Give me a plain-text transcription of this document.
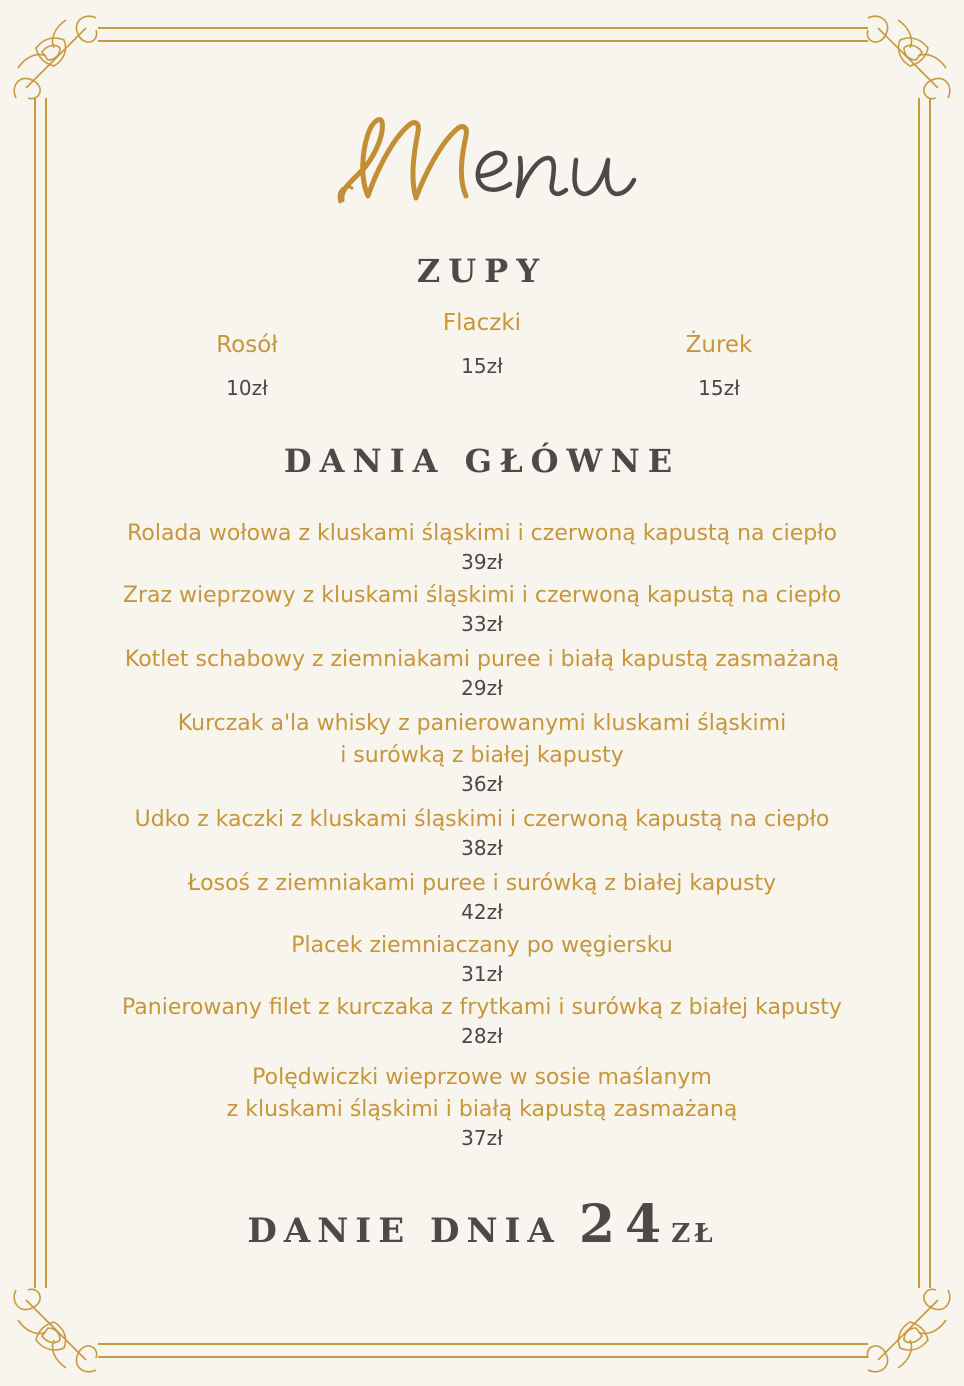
ZUPY
Rosół
10zł
Flaczki
15zł
Żurek
15zł
DANIA GŁÓWNE
Rolada wołowa z kluskami śląskimi i czerwoną kapustą na ciepło
39zł
Zraz wieprzowy z kluskami śląskimi i czerwoną kapustą na ciepło
33zł
Kotlet schabowy z ziemniakami puree i białą kapustą zasmażaną
29zł
Kurczak a'la whisky z panierowanymi kluskami śląskimi
i surówką z białej kapusty
36zł
Udko z kaczki z kluskami śląskimi i czerwoną kapustą na ciepło
38zł
Łosoś z ziemniakami puree i surówką z białej kapusty
42zł
Placek ziemniaczany po węgiersku
31zł
Panierowany filet z kurczaka z frytkami i surówką z białej kapusty
28zł
Polędwiczki wieprzowe w sosie maślanym
z kluskami śląskimi i białą kapustą zasmażaną
37zł
DANIE DNIA 24ZŁ
